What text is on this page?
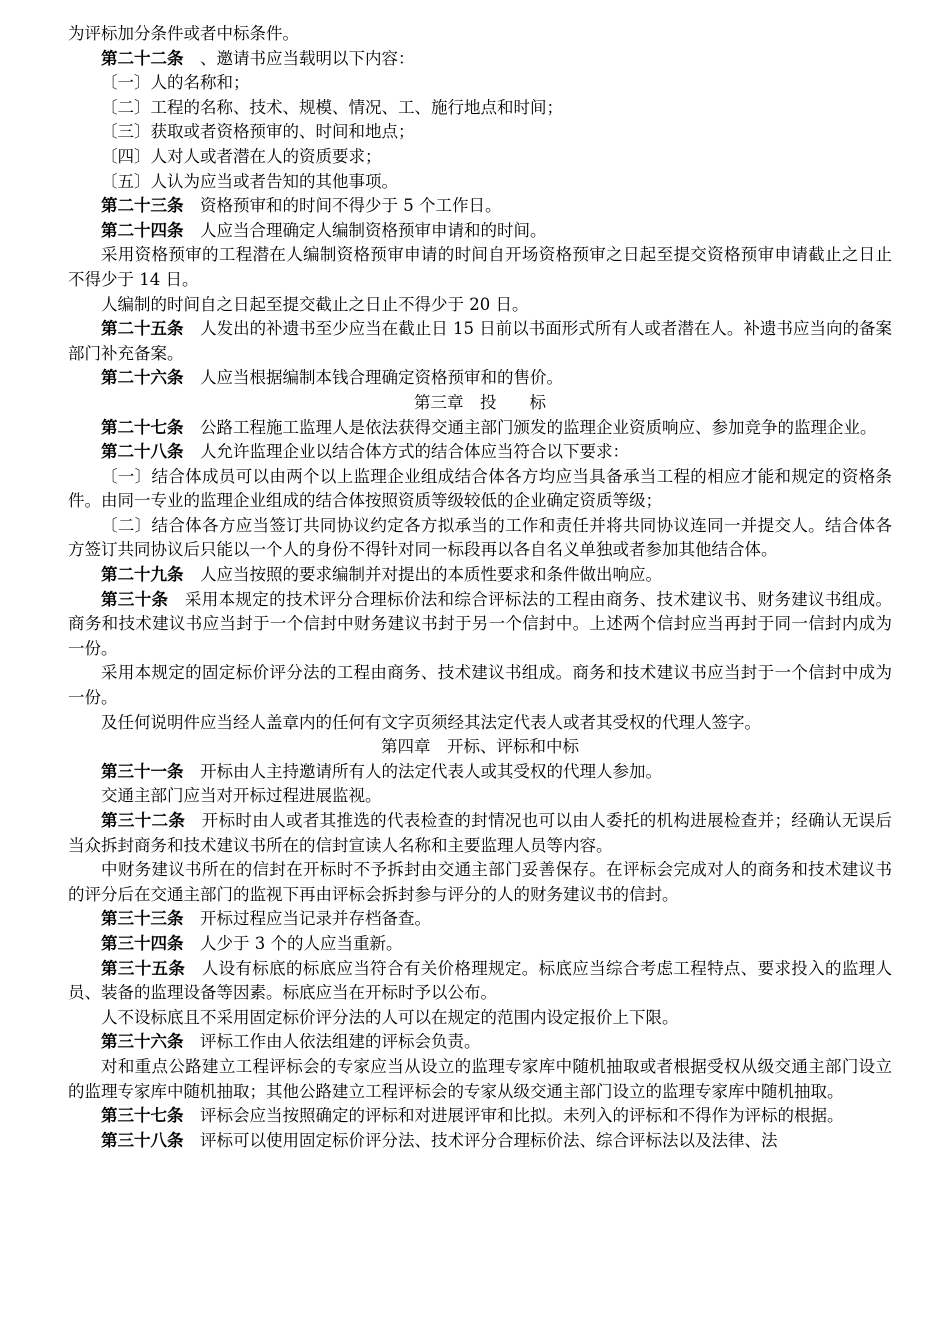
为评标加分条件或者中标条件。

第二十二条 、邀请书应当载明以下内容：

〔一〕人的名称和；

〔二〕工程的名称、技术、规模、情况、工、施行地点和时间；

〔三〕获取或者资格预审的、时间和地点；

〔四〕人对人或者潜在人的资质要求；

〔五〕人认为应当或者告知的其他事项。

第二十三条 资格预审和的时间不得少于 5 个工作日。

第二十四条 人应当合理确定人编制资格预审申请和的时间。

采用资格预审的工程潜在人编制资格预审申请的时间自开场资格预审之日起至提交资格预审申请截止之日止不得少于 14 日。

人编制的时间自之日起至提交截止之日止不得少于 20 日。

第二十五条 人发出的补遗书至少应当在截止日 15 日前以书面形式所有人或者潜在人。补遗书应当向的备案部门补充备案。

第二十六条 人应当根据编制本钱合理确定资格预审和的售价。

第三章　投　　标

第二十七条 公路工程施工监理人是依法获得交通主部门颁发的监理企业资质响应、参加竞争的监理企业。

第二十八条 人允许监理企业以结合体方式的结合体应当符合以下要求：

〔一〕结合体成员可以由两个以上监理企业组成结合体各方均应当具备承当工程的相应才能和规定的资格条件。由同一专业的监理企业组成的结合体按照资质等级较低的企业确定资质等级；

〔二〕结合体各方应当签订共同协议约定各方拟承当的工作和责任并将共同协议连同一并提交人。结合体各方签订共同协议后只能以一个人的身份不得针对同一标段再以各自名义单独或者参加其他结合体。

第二十九条 人应当按照的要求编制并对提出的本质性要求和条件做出响应。

第三十条 采用本规定的技术评分合理标价法和综合评标法的工程由商务、技术建议书、财务建议书组成。商务和技术建议书应当封于一个信封中财务建议书封于另一个信封中。上述两个信封应当再封于同一信封内成为一份。

采用本规定的固定标价评分法的工程由商务、技术建议书组成。商务和技术建议书应当封于一个信封中成为一份。

及任何说明件应当经人盖章内的任何有文字页须经其法定代表人或者其受权的代理人签字。

第四章　开标、评标和中标

第三十一条 开标由人主持邀请所有人的法定代表人或其受权的代理人参加。

交通主部门应当对开标过程进展监视。

第三十二条 开标时由人或者其推选的代表检查的封情况也可以由人委托的机构进展检查并；经确认无误后当众拆封商务和技术建议书所在的信封宣读人名称和主要监理人员等内容。

中财务建议书所在的信封在开标时不予拆封由交通主部门妥善保存。在评标会完成对人的商务和技术建议书的评分后在交通主部门的监视下再由评标会拆封参与评分的人的财务建议书的信封。

第三十三条 开标过程应当记录并存档备查。

第三十四条 人少于 3 个的人应当重新。

第三十五条 人设有标底的标底应当符合有关价格理规定。标底应当综合考虑工程特点、要求投入的监理人员、装备的监理设备等因素。标底应当在开标时予以公布。

人不设标底且不采用固定标价评分法的人可以在规定的范围内设定报价上下限。

第三十六条 评标工作由人依法组建的评标会负责。

对和重点公路建立工程评标会的专家应当从设立的监理专家库中随机抽取或者根据受权从级交通主部门设立的监理专家库中随机抽取；其他公路建立工程评标会的专家从级交通主部门设立的监理专家库中随机抽取。

第三十七条 评标会应当按照确定的评标和对进展评审和比拟。未列入的评标和不得作为评标的根据。

第三十八条 评标可以使用固定标价评分法、技术评分合理标价法、综合评标法以及法律、法
